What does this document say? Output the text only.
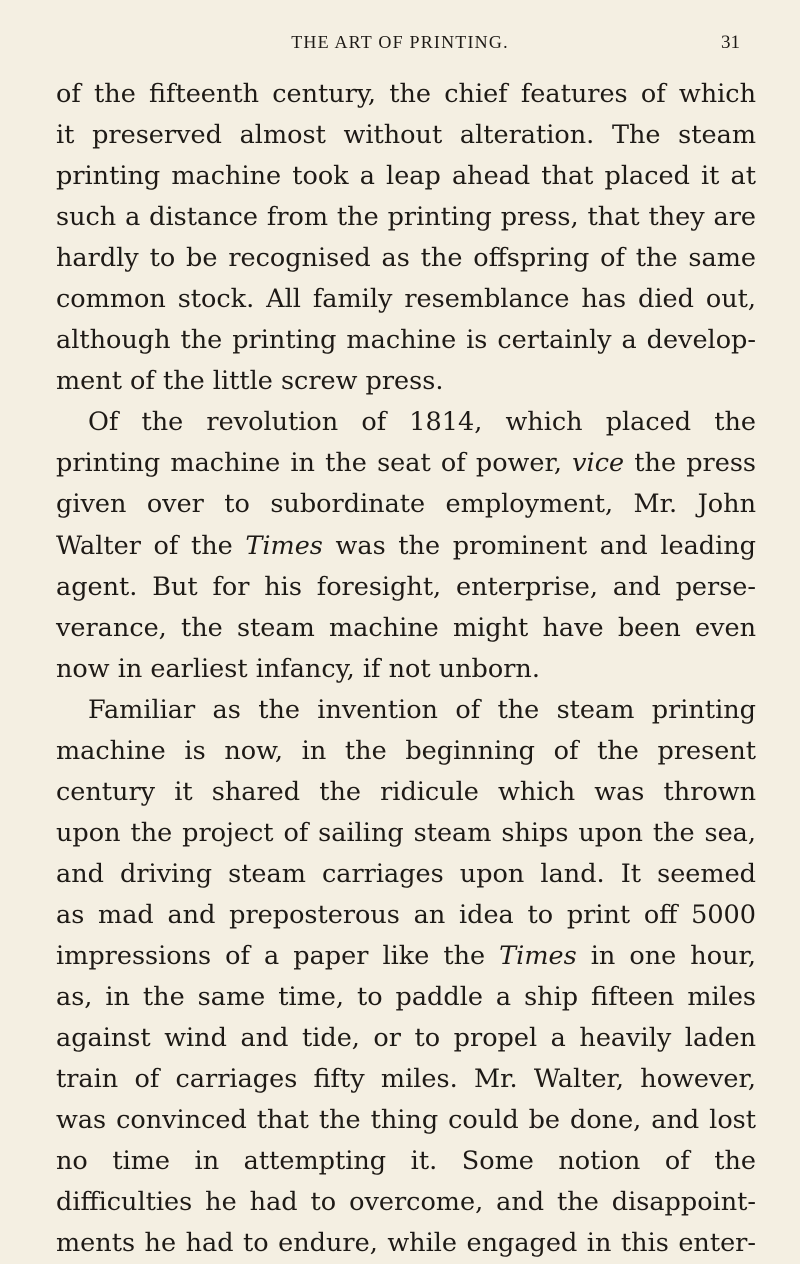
THE ART OF PRINTING.	31
of the fifteenth century, the chief features of which
it preserved almost without alteration. The steam
printing machine took a leap ahead that placed it at
such a distance from the printing press, that they are
hardly to be recognised as the offspring of the same
common stock. All family resemblance has died out,
although the printing machine is certainly a develop-
ment of the little screw press.
Of the revolution of 1814, which placed the
printing machine in the seat of power, vice the press
given over to subordinate employment, Mr. John
Walter of the Times was the prominent and leading
agent. But for his foresight, enterprise, and perse-
verance, the steam machine might have been even
now in earliest infancy, if not unborn.
Familiar as the invention of the steam printing
machine is now, in the beginning of the present
century it shared the ridicule which was thrown
upon the project of sailing steam ships upon the sea,
and driving steam carriages upon land. It seemed
as mad and preposterous an idea to print off 5000
impressions of a paper like the Times in one hour,
as, in the same time, to paddle a ship fifteen miles
against wind and tide, or to propel a heavily laden
train of carriages fifty miles. Mr. Walter, however,
was convinced that the thing could be done, and lost
no time in attempting it. Some notion of the
difficulties he had to overcome, and the disappoint-
ments he had to endure, while engaged in this enter-
